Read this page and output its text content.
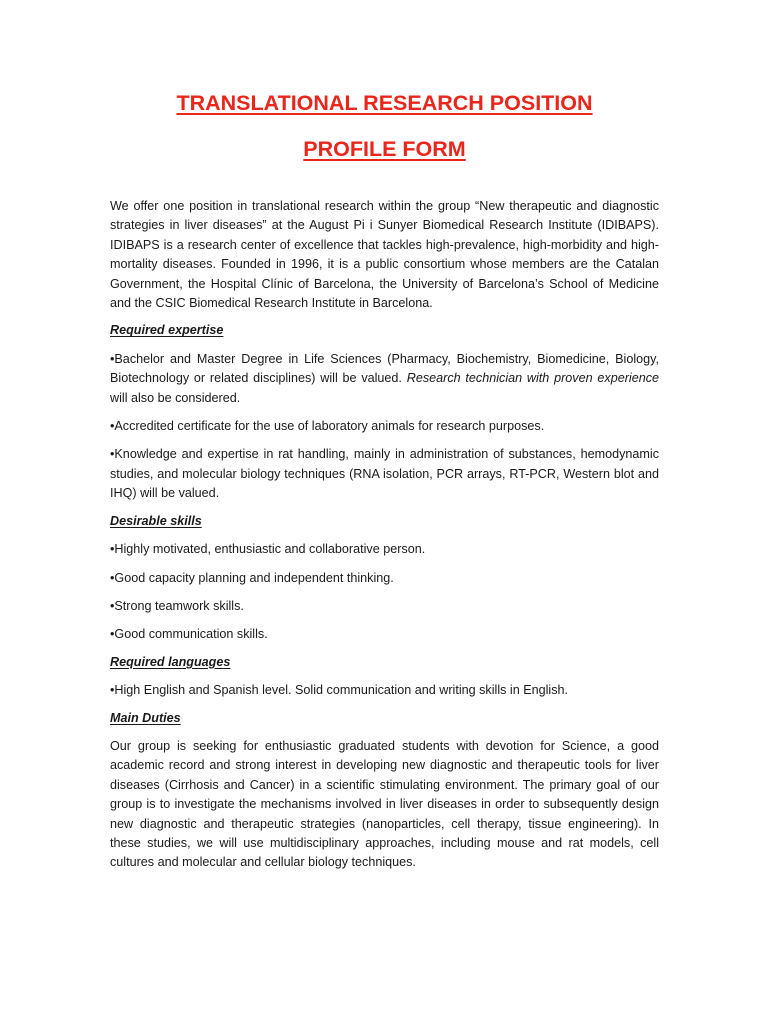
TRANSLATIONAL RESEARCH POSITION
PROFILE FORM

We offer one position in translational research within the group “New therapeutic and diagnostic strategies in liver diseases” at the August Pi i Sunyer Biomedical Research Institute (IDIBAPS). IDIBAPS is a research center of excellence that tackles high-prevalence, high-morbidity and high-mortality diseases. Founded in 1996, it is a public consortium whose members are the Catalan Government, the Hospital Clínic of Barcelona, the University of Barcelona’s School of Medicine and the CSIC Biomedical Research Institute in Barcelona.

Required expertise

•Bachelor and Master Degree in Life Sciences (Pharmacy, Biochemistry, Biomedicine, Biology, Biotechnology or related disciplines) will be valued. Research technician with proven experience will also be considered.

•Accredited certificate for the use of laboratory animals for research purposes.

•Knowledge and expertise in rat handling, mainly in administration of substances, hemodynamic studies, and molecular biology techniques (RNA isolation, PCR arrays, RT-PCR, Western blot and IHQ) will be valued.

Desirable skills

•Highly motivated, enthusiastic and collaborative person.

•Good capacity planning and independent thinking.

•Strong teamwork skills.

•Good communication skills.

Required languages

•High English and Spanish level. Solid communication and writing skills in English.

Main Duties

Our group is seeking for enthusiastic graduated students with devotion for Science, a good academic record and strong interest in developing new diagnostic and therapeutic tools for liver diseases (Cirrhosis and Cancer) in a scientific stimulating environment. The primary goal of our group is to investigate the mechanisms involved in liver diseases in order to subsequently design new diagnostic and therapeutic strategies (nanoparticles, cell therapy, tissue engineering). In these studies, we will use multidisciplinary approaches, including mouse and rat models, cell cultures and molecular and cellular biology techniques.
